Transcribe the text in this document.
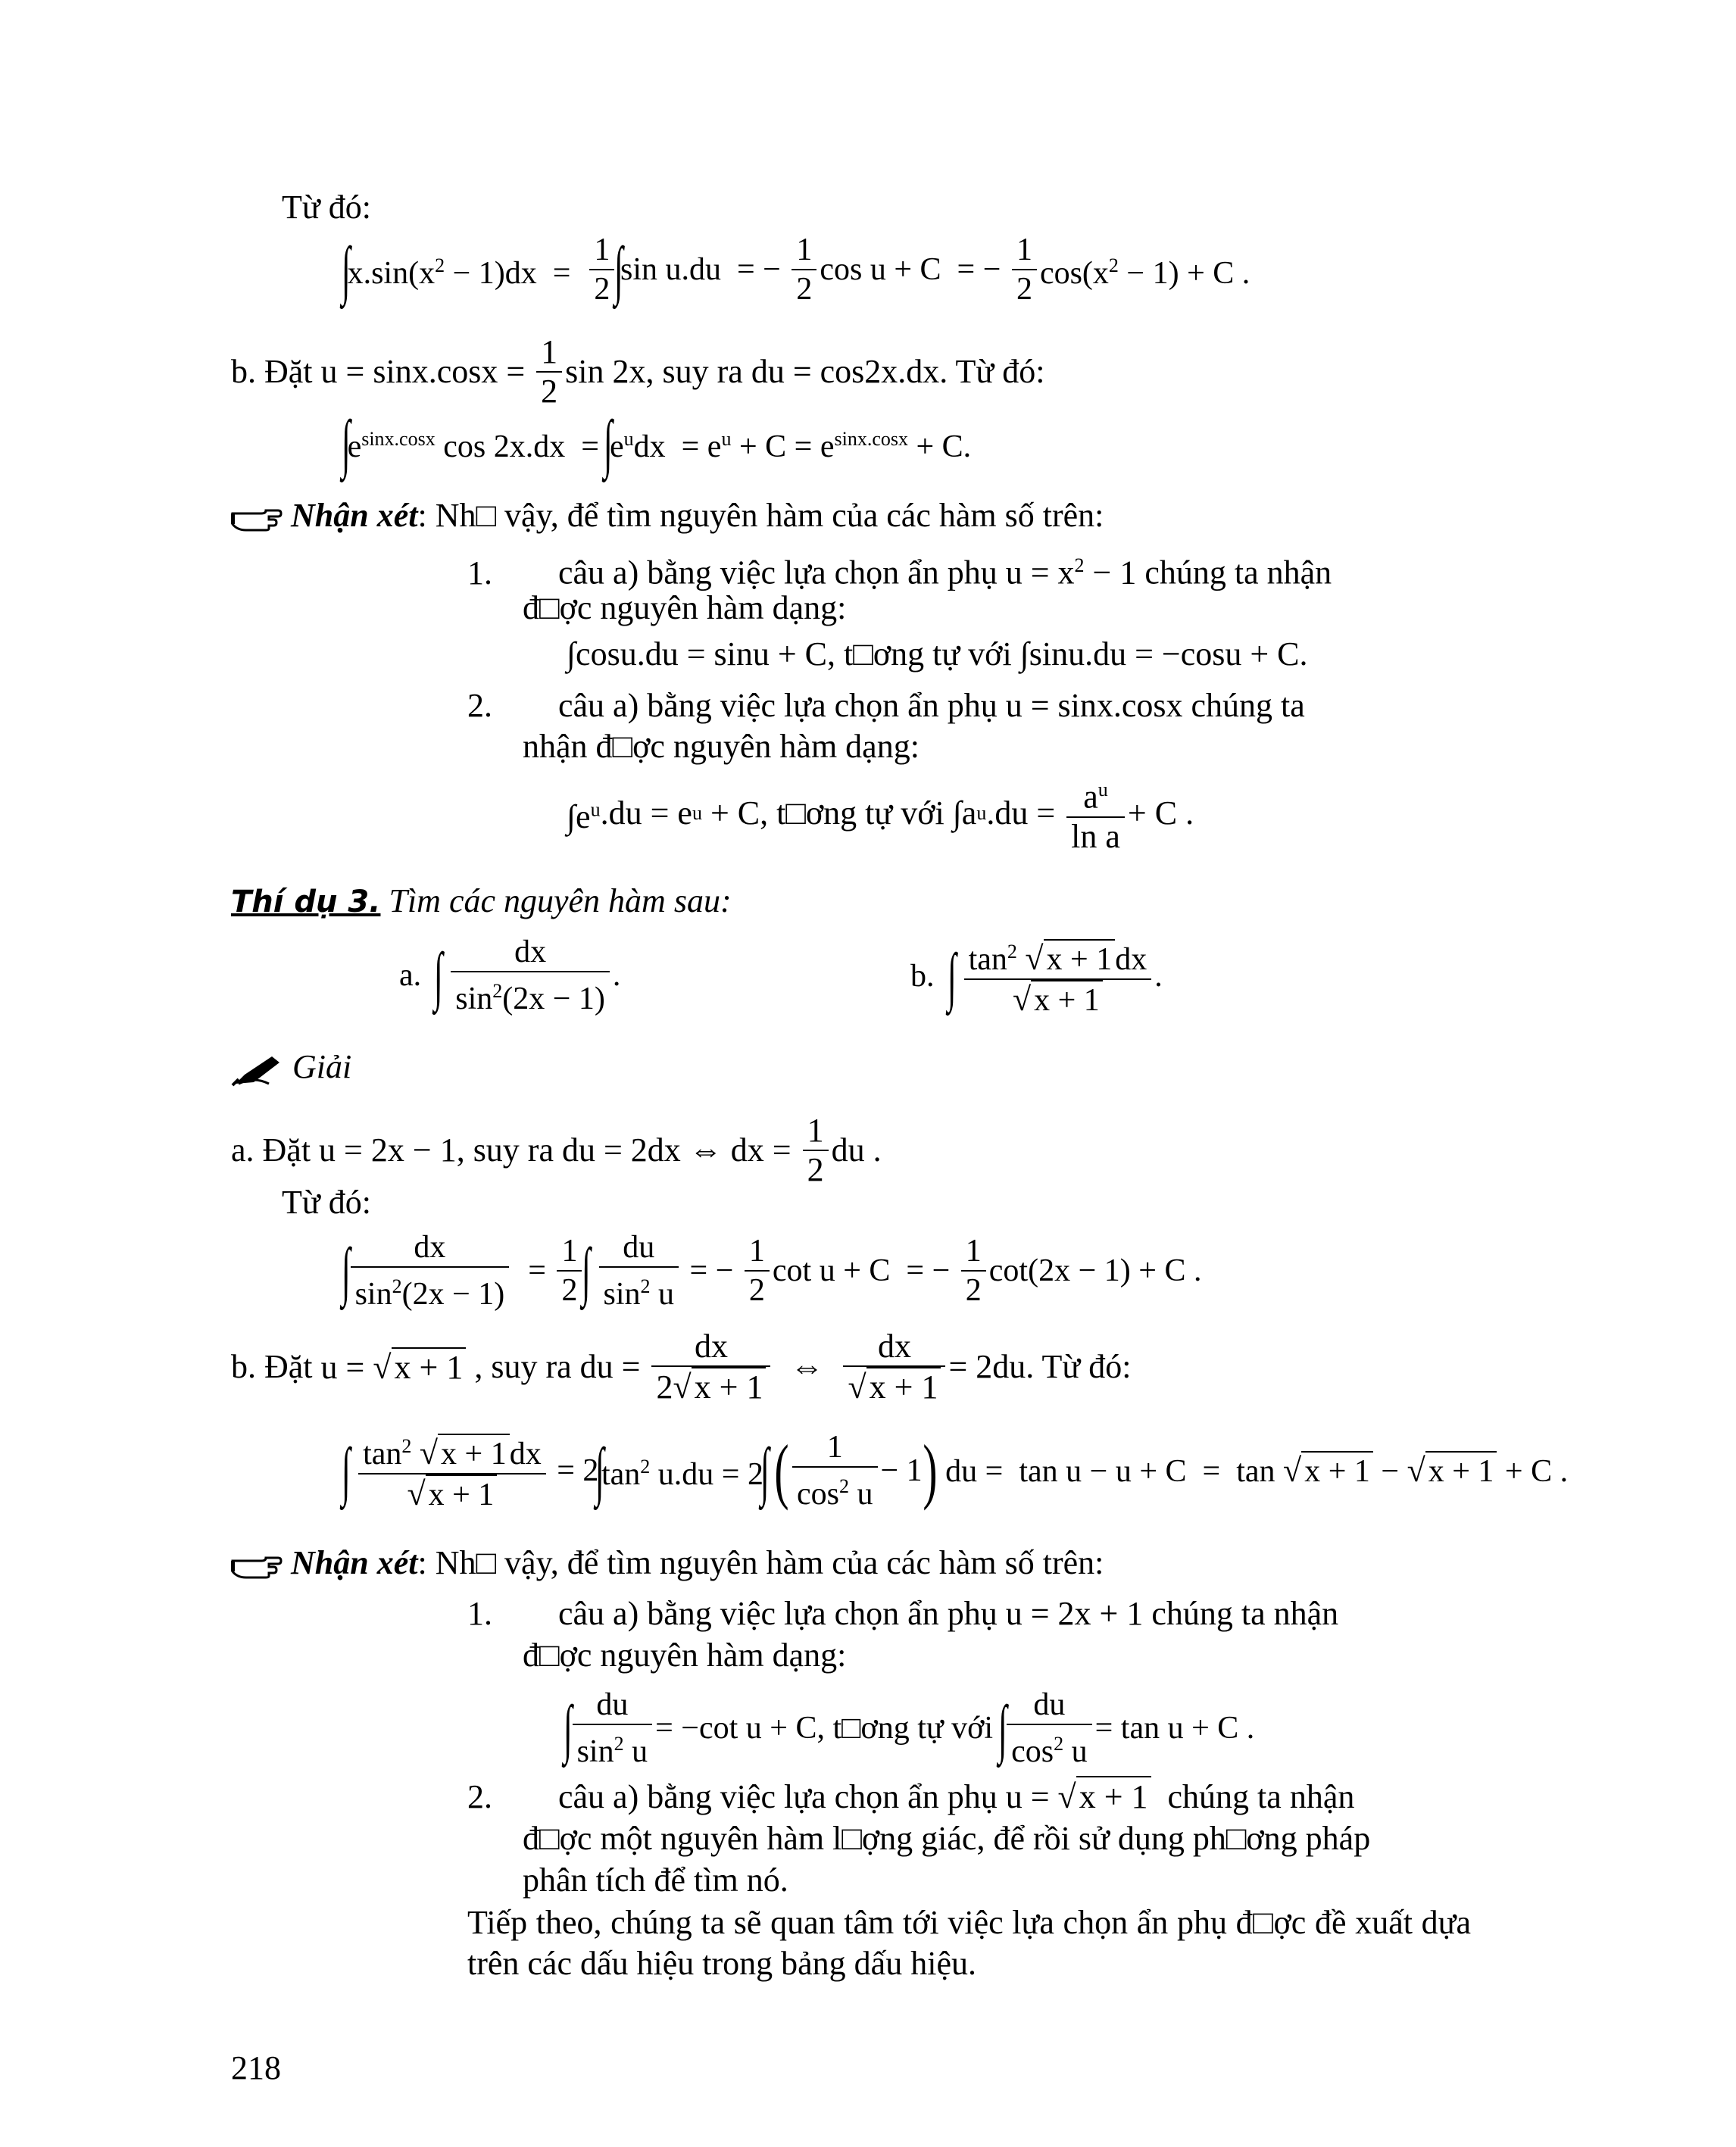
Từ đó:
$\int x.\sin(x^2 - 1)dx = \frac{1}{2} \int\sin$ u.du  = − $\frac{1}{2}$ cos u + C  = − $\frac{1}{2} \cos(x^2 - 1) + C$ .
b. Đặt $u = \sin x.\cos x = \frac{1}{2}$ sin 2x, suy ra du = cos2x.dx. Từ đó:
$\int e^{sinx.cosx}$ $\cos 2x.dx = \int e^udx = e^u + C = e^{sinx.cosx} + C$.
Nhận xét: Nh□ vậy, để tìm nguyên hàm của các hàm số trên:
1. câu a) bằng việc lựa chọn ẩn phụ $u = x^2 - 1$ chúng ta nhận
đ□ợc nguyên hàm dạng:
∫cosu.du = sinu + C, t□ơng tự với ∫sinu.du = −cosu + C.
2. câu a) bằng việc lựa chọn ẩn phụ u = sinx.cosx chúng ta
nhận đ□ợc nguyên hàm dạng:
$\int e^u.du$ = eu + C, t□ơng tự với $\int au.du = \frac{a^u}{\text{ln a}} + C$ .
Thí dụ 3. Tìm các nguyên hàm sau:
a. ∫ $\frac{dx}{\sin^2(2x - 1)}$ .	b. ∫ $\frac{\tan^2 √x + 1dx}{√x + 1}$ .
Giải
a. Đặt u = 2x − 1, suy ra du = 2dx ⇔ dx = $\frac{1}{2}$ du .
Từ đó:
∫ $\frac{dx}{\sin^2(2x - 1)} = \frac{1}{2}$ ∫ $\frac{du}{\sin^2 u}$ = − $\frac{1}{2}$ cot u + C  = − $\frac{1}{2} \cot(2x - 1) + C$ .
b. Đặt u = √x + 1 , suy ra du = $\frac{dx}{2√x + 1}$ ⇔ $\frac{dx}{√x + 1} = 2du$. Từ đó:
∫ $\frac{\tan^2 √x + 1dx}{√x + 1} = 2\int\tan^2$ u.du = 2∫ ( $\frac{1}{\cos^2 u} - 1$) du =  tan u − u + C  =  tan √x + 1 − √x + 1 + C .
Nhận xét: Nh□ vậy, để tìm nguyên hàm của các hàm số trên:
1. câu a) bằng việc lựa chọn ẩn phụ u = 2x + 1 chúng ta nhận
đ□ợc nguyên hàm dạng:
∫ $\frac{du}{\sin^2 u} = -\cot$ u + C, t□ơng tự với ∫ $\frac{du}{\cos^2 u} = \tan u + C$ .
2. câu a) bằng việc lựa chọn ẩn phụ u = √x + 1 chúng ta nhận
đ□ợc một nguyên hàm l□ợng giác, để rồi sử dụng ph□ơng pháp
phân tích để tìm nó.
Tiếp theo, chúng ta sẽ quan tâm tới việc lựa chọn ẩn phụ đ□ợc đề xuất dựa trên các dấu hiệu trong bảng dấu hiệu.
218
